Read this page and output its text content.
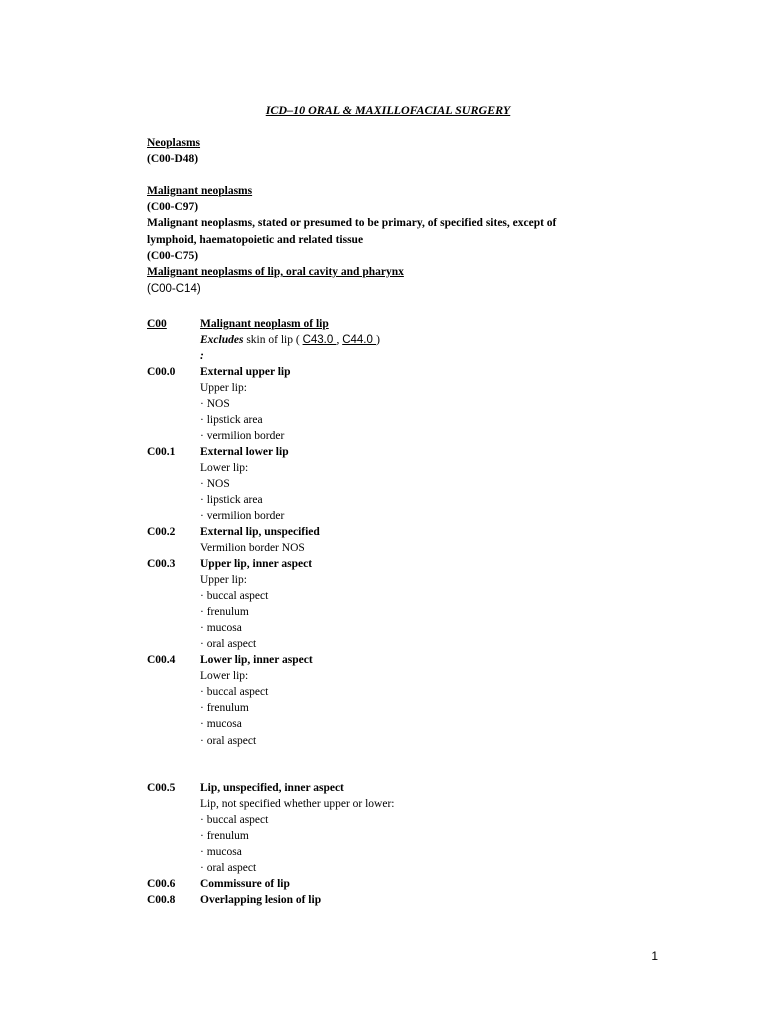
ICD–10 ORAL & MAXILLOFACIAL SURGERY
Neoplasms
(C00-D48)
Malignant neoplasms
(C00-C97)
Malignant neoplasms, stated or presumed to be primary, of specified sites, except of
lymphoid, haematopoietic and related tissue
(C00-C75)
Malignant neoplasms of lip, oral cavity and pharynx
(C00-C14)
C00	Malignant neoplasm of lip
Excludes skin of lip ( C43.0 , C44.0 )
:
C00.0 External upper lip
Upper lip:
· NOS
· lipstick area
· vermilion border
C00.1 External lower lip
Lower lip:
· NOS
· lipstick area
· vermilion border
C00.2 External lip, unspecified
Vermilion border NOS
C00.3 Upper lip, inner aspect
Upper lip:
· buccal aspect
· frenulum
· mucosa
· oral aspect
C00.4 Lower lip, inner aspect
Lower lip:
· buccal aspect
· frenulum
· mucosa
· oral aspect
C00.5 Lip, unspecified, inner aspect
Lip, not specified whether upper or lower:
· buccal aspect
· frenulum
· mucosa
· oral aspect
C00.6 Commissure of lip
C00.8 Overlapping lesion of lip
1
